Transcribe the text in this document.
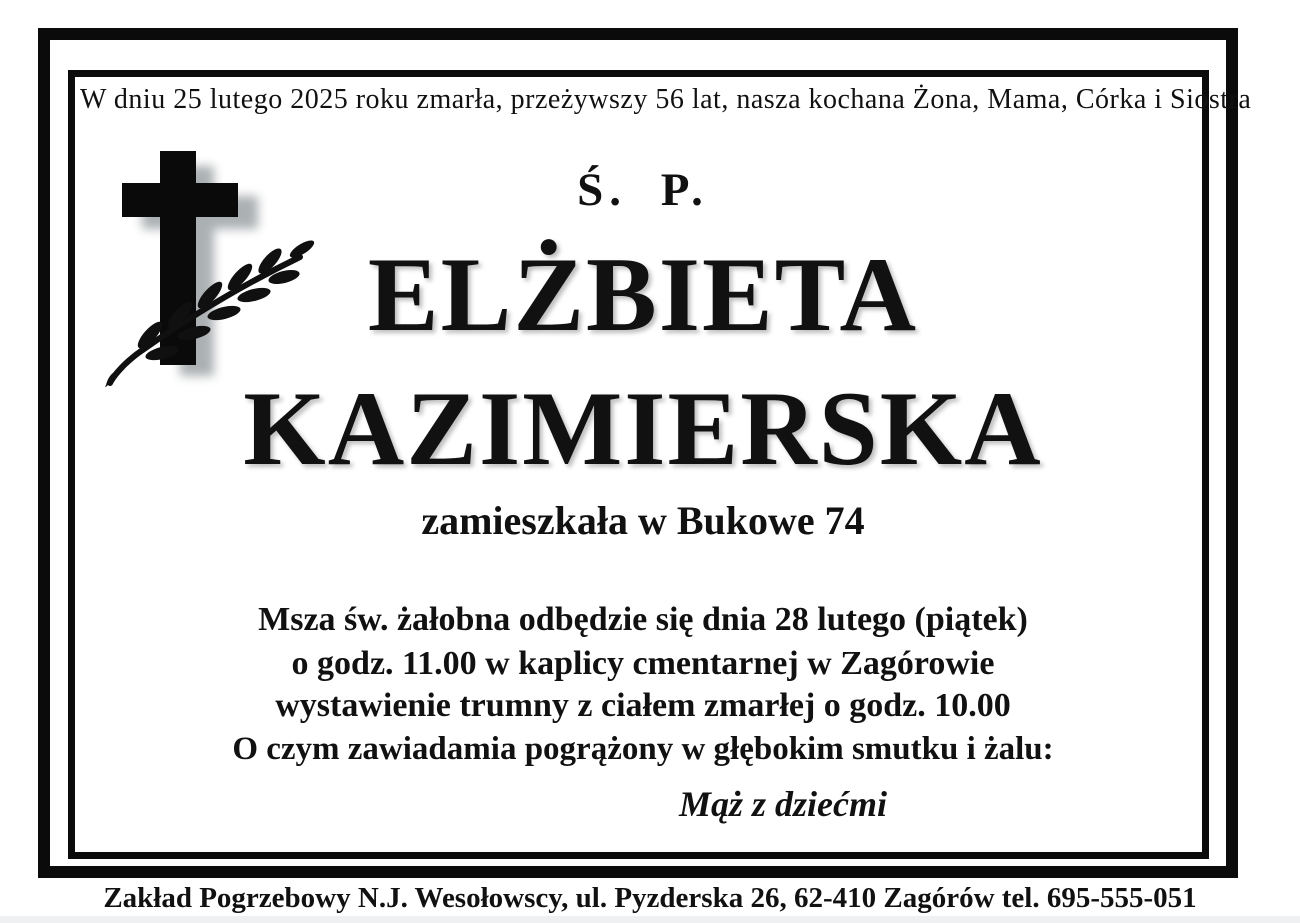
W dniu 25 lutego 2025 roku zmarła, przeżywszy 56 lat, nasza kochana Żona, Mama, Córka i Siostra
Ś. P.
ELŻBIETA
KAZIMIERSKA
zamieszkała w Bukowe 74
Msza św. żałobna odbędzie się dnia 28 lutego (piątek)
o godz. 11.00 w kaplicy cmentarnej w Zagórowie
wystawienie trumny z ciałem zmarłej o godz. 10.00
O czym zawiadamia pogrążony w głębokim smutku i żalu:
Mąż z dziećmi
Zakład Pogrzebowy N.J. Wesołowscy, ul. Pyzderska 26, 62-410 Zagórów tel. 695-555-051
